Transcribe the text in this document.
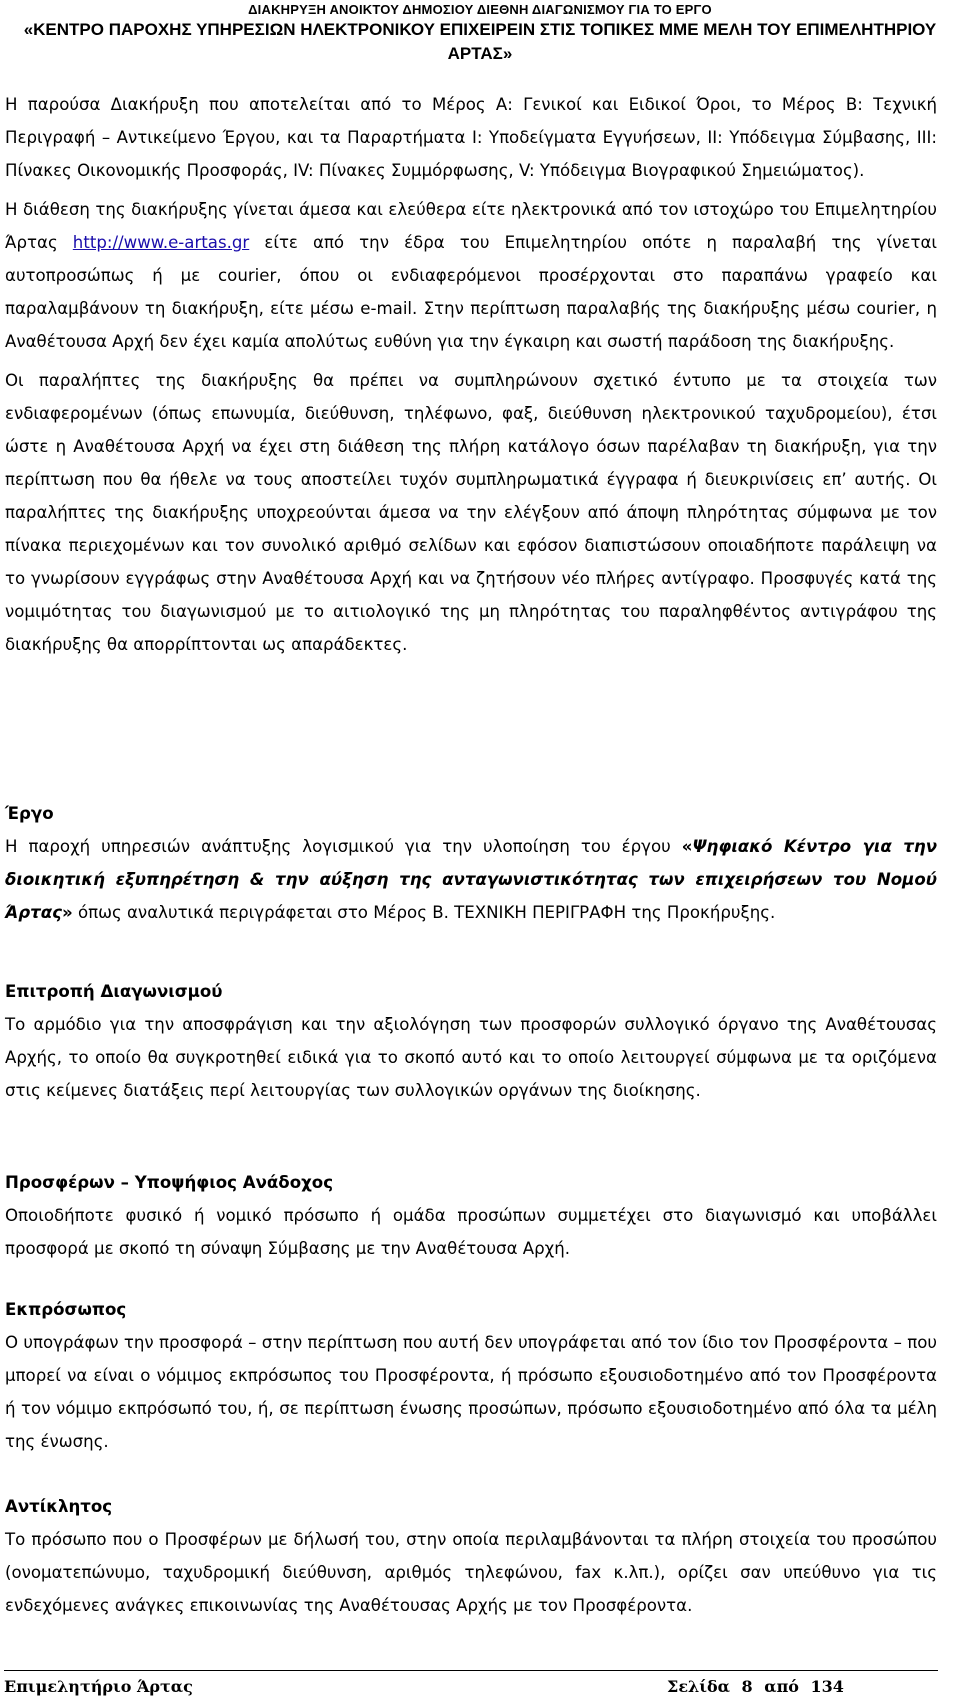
ΔΙΑΚΗΡΥΞΗ ΑΝΟΙΚΤΟΥ ΔΗΜΟΣΙΟΥ ΔΙΕΘΝΗ ΔΙΑΓΩΝΙΣΜΟΥ ΓΙΑ ΤΟ ΕΡΓΟ
«ΚΕΝΤΡΟ ΠΑΡΟΧΗΣ ΥΠΗΡΕΣΙΩΝ ΗΛΕΚΤΡΟΝΙΚΟΥ ΕΠΙΧΕΙΡΕΙΝ ΣΤΙΣ ΤΟΠΙΚΕΣ ΜΜΕ ΜΕΛΗ ΤΟΥ ΕΠΙΜΕΛΗΤΗΡΙΟΥ ΑΡΤΑΣ»

Η παρούσα Διακήρυξη που αποτελείται από το Μέρος Α: Γενικοί και Ειδικοί Όροι, το Μέρος Β: Τεχνική Περιγραφή – Αντικείμενο Έργου, και τα Παραρτήματα Ι: Υποδείγματα Εγγυήσεων, ΙΙ: Υπόδειγμα Σύμβασης, ΙΙΙ: Πίνακες Οικονομικής Προσφοράς, IV: Πίνακες Συμμόρφωσης, V: Υπόδειγμα Βιογραφικού Σημειώματος).

Η διάθεση της διακήρυξης γίνεται άμεσα και ελεύθερα είτε ηλεκτρονικά από τον ιστοχώρο του Επιμελητηρίου Άρτας http://www.e-artas.gr είτε από την έδρα του Επιμελητηρίου οπότε η παραλαβή της γίνεται αυτοπροσώπως ή με courier, όπου οι ενδιαφερόμενοι προσέρχονται στο παραπάνω γραφείο και παραλαμβάνουν τη διακήρυξη, είτε μέσω e-mail. Στην περίπτωση παραλαβής της διακήρυξης μέσω courier, η Αναθέτουσα Αρχή δεν έχει καμία απολύτως ευθύνη για την έγκαιρη και σωστή παράδοση της διακήρυξης.

Οι παραλήπτες της διακήρυξης θα πρέπει να συμπληρώνουν σχετικό έντυπο με τα στοιχεία των ενδιαφερομένων (όπως επωνυμία, διεύθυνση, τηλέφωνο, φαξ, διεύθυνση ηλεκτρονικού ταχυδρομείου), έτσι ώστε η Αναθέτουσα Αρχή να έχει στη διάθεση της πλήρη κατάλογο όσων παρέλαβαν τη διακήρυξη, για την περίπτωση που θα ήθελε να τους αποστείλει τυχόν συμπληρωματικά έγγραφα ή διευκρινίσεις επ’ αυτής. Οι παραλήπτες της διακήρυξης υποχρεούνται άμεσα να την ελέγξουν από άποψη πληρότητας σύμφωνα με τον πίνακα περιεχομένων και τον συνολικό αριθμό σελίδων και εφόσον διαπιστώσουν οποιαδήποτε παράλειψη να το γνωρίσουν εγγράφως στην Αναθέτουσα Αρχή και να ζητήσουν νέο πλήρες αντίγραφο. Προσφυγές κατά της νομιμότητας του διαγωνισμού με το αιτιολογικό της μη πληρότητας του παραληφθέντος αντιγράφου της διακήρυξης θα απορρίπτονται ως απαράδεκτες.

Έργο

Η παροχή υπηρεσιών ανάπτυξης λογισμικού για την υλοποίηση του έργου «Ψηφιακό Κέντρο για την διοικητική εξυπηρέτηση & την αύξηση της ανταγωνιστικότητας των επιχειρήσεων του Νομού Άρτας» όπως αναλυτικά περιγράφεται στο Μέρος Β. ΤΕΧΝΙΚΗ ΠΕΡΙΓΡΑΦΗ της Προκήρυξης.

Επιτροπή Διαγωνισμού

Το αρμόδιο για την αποσφράγιση και την αξιολόγηση των προσφορών συλλογικό όργανο της Αναθέτουσας Αρχής, το οποίο θα συγκροτηθεί ειδικά για το σκοπό αυτό και το οποίο λειτουργεί σύμφωνα με τα οριζόμενα στις κείμενες διατάξεις περί λειτουργίας των συλλογικών οργάνων της διοίκησης.

Προσφέρων – Υποψήφιος Ανάδοχος

Οποιοδήποτε φυσικό ή νομικό πρόσωπο ή ομάδα προσώπων συμμετέχει στο διαγωνισμό και υποβάλλει προσφορά με σκοπό τη σύναψη Σύμβασης με την Αναθέτουσα Αρχή.

Εκπρόσωπος

Ο υπογράφων την προσφορά – στην περίπτωση που αυτή δεν υπογράφεται από τον ίδιο τον Προσφέροντα – που μπορεί να είναι ο νόμιμος εκπρόσωπος του Προσφέροντα, ή πρόσωπο εξουσιοδοτημένο από τον Προσφέροντα ή τον νόμιμο εκπρόσωπό του, ή, σε περίπτωση ένωσης προσώπων, πρόσωπο εξουσιοδοτημένο από όλα τα μέλη της ένωσης.

Αντίκλητος

Το πρόσωπο που ο Προσφέρων με δήλωσή του, στην οποία περιλαμβάνονται τα πλήρη στοιχεία του προσώπου (ονοματεπώνυμο, ταχυδρομική διεύθυνση, αριθμός τηλεφώνου, fax κ.λπ.), ορίζει σαν υπεύθυνο για τις ενδεχόμενες ανάγκες επικοινωνίας της Αναθέτουσας Αρχής με τον Προσφέροντα.

Επιμελητήριο Άρτας	Σελίδα 8 από 134
